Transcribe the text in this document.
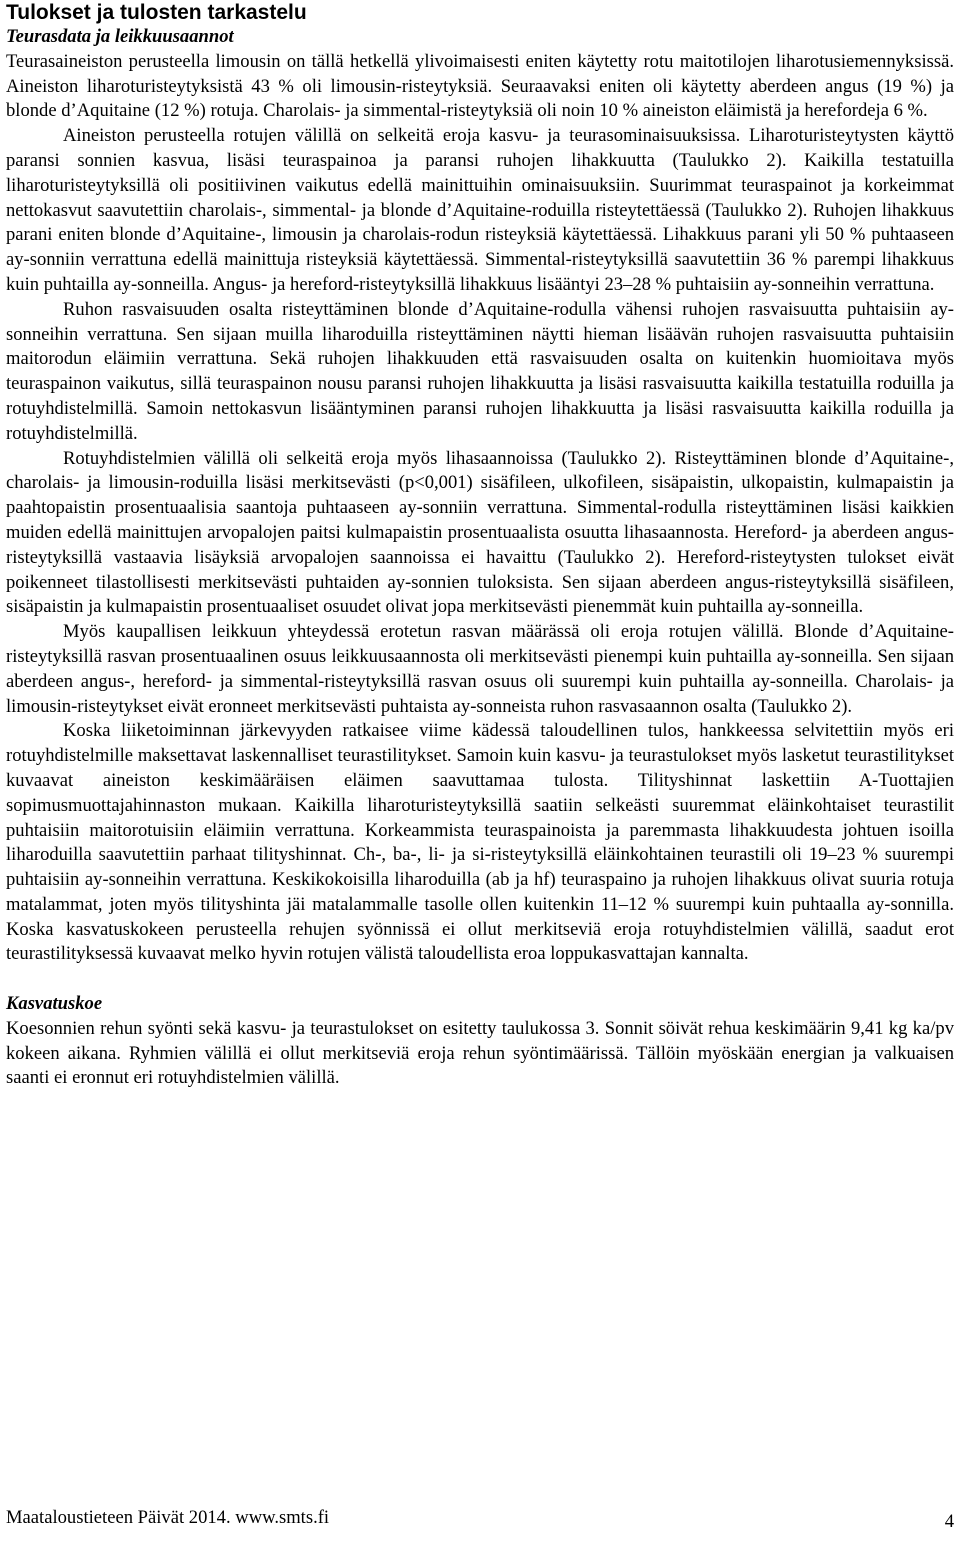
Tulokset ja tulosten tarkastelu
Teurasdata ja leikkuusaannot

Teurasaineiston perusteella limousin on tällä hetkellä ylivoimaisesti eniten käytetty rotu maitotilojen liharotusiemennyksissä. Aineiston liharoturisteytyksistä 43 % oli limousin-risteytyksiä. Seuraavaksi eniten oli käytetty aberdeen angus (19 %) ja blonde d’Aquitaine (12 %) rotuja. Charolais- ja simmental-risteytyksiä oli noin 10 % aineiston eläimistä ja herefordeja 6 %.

Aineiston perusteella rotujen välillä on selkeitä eroja kasvu- ja teurasominaisuuksissa. Liharoturisteytysten käyttö paransi sonnien kasvua, lisäsi teuraspainoa ja paransi ruhojen lihakkuutta (Taulukko 2). Kaikilla testatuilla liharoturisteytyksillä oli positiivinen vaikutus edellä mainittuihin ominaisuuksiin. Suurimmat teuraspainot ja korkeimmat nettokasvut saavutettiin charolais-, simmental- ja blonde d’Aquitaine-roduilla risteytettäessä (Taulukko 2). Ruhojen lihakkuus parani eniten blonde d’Aquitaine-, limousin ja charolais-rodun risteyksiä käytettäessä. Lihakkuus parani yli 50 % puhtaaseen ay-sonniin verrattuna edellä mainittuja risteyksiä käytettäessä. Simmental-risteytyksillä saavutettiin 36 % parempi lihakkuus kuin puhtailla ay-sonneilla. Angus- ja hereford-risteytyksillä lihakkuus lisääntyi 23–28 % puhtaisiin ay-sonneihin verrattuna.

Ruhon rasvaisuuden osalta risteyttäminen blonde d’Aquitaine-rodulla vähensi ruhojen rasvaisuutta puhtaisiin ay-sonneihin verrattuna. Sen sijaan muilla liharoduilla risteyttäminen näytti hieman lisäävän ruhojen rasvaisuutta puhtaisiin maitorodun eläimiin verrattuna. Sekä ruhojen lihakkuuden että rasvaisuuden osalta on kuitenkin huomioitava myös teuraspainon vaikutus, sillä teuraspainon nousu paransi ruhojen lihakkuutta ja lisäsi rasvaisuutta kaikilla testatuilla roduilla ja rotuyhdistelmillä. Samoin nettokasvun lisääntyminen paransi ruhojen lihakkuutta ja lisäsi rasvaisuutta kaikilla roduilla ja rotuyhdistelmillä.

Rotuyhdistelmien välillä oli selkeitä eroja myös lihasaannoissa (Taulukko 2). Risteyttäminen blonde d’Aquitaine-, charolais- ja limousin-roduilla lisäsi merkitsevästi (p<0,001) sisäfileen, ulkofileen, sisäpaistin, ulkopaistin, kulmapaistin ja paahtopaistin prosentuaalisia saantoja puhtaaseen ay-sonniin verrattuna. Simmental-rodulla risteyttäminen lisäsi kaikkien muiden edellä mainittujen arvopalojen paitsi kulmapaistin prosentuaalista osuutta lihasaannosta. Hereford- ja aberdeen angus-risteytyksillä vastaavia lisäyksiä arvopalojen saannoissa ei havaittu (Taulukko 2). Hereford-risteytysten tulokset eivät poikenneet tilastollisesti merkitsevästi puhtaiden ay-sonnien tuloksista. Sen sijaan aberdeen angus-risteytyksillä sisäfileen, sisäpaistin ja kulmapaistin prosentuaaliset osuudet olivat jopa merkitsevästi pienemmät kuin puhtailla ay-sonneilla.

Myös kaupallisen leikkuun yhteydessä erotetun rasvan määrässä oli eroja rotujen välillä. Blonde d’Aquitaine-risteytyksillä rasvan prosentuaalinen osuus leikkuusaannosta oli merkitsevästi pienempi kuin puhtailla ay-sonneilla. Sen sijaan aberdeen angus-, hereford- ja simmental-risteytyksillä rasvan osuus oli suurempi kuin puhtailla ay-sonneilla. Charolais- ja limousin-risteytykset eivät eronneet merkitsevästi puhtaista ay-sonneista ruhon rasvasaannon osalta (Taulukko 2).

Koska liiketoiminnan järkevyyden ratkaisee viime kädessä taloudellinen tulos, hankkeessa selvitettiin myös eri rotuyhdistelmille maksettavat laskennalliset teurastilitykset. Samoin kuin kasvu- ja teurastulokset myös lasketut teurastilitykset kuvaavat aineiston keskimääräisen eläimen saavuttamaa tulosta. Tilityshinnat laskettiin A-Tuottajien sopimusmuottajahinnaston mukaan. Kaikilla liharoturisteytyksillä saatiin selkeästi suuremmat eläinkohtaiset teurastilit puhtaisiin maitorotuisiin eläimiin verrattuna. Korkeammista teuraspainoista ja paremmasta lihakkuudesta johtuen isoilla liharoduilla saavutettiin parhaat tilityshinnat. Ch-, ba-, li- ja si-risteytyksillä eläinkohtainen teurastili oli 19–23 % suurempi puhtaisiin ay-sonneihin verrattuna. Keskikokoisilla liharoduilla (ab ja hf) teuraspaino ja ruhojen lihakkuus olivat suuria rotuja matalammat, joten myös tilityshinta jäi matalammalle tasolle ollen kuitenkin 11–12 % suurempi kuin puhtaalla ay-sonnilla. Koska kasvatuskokeen perusteella rehujen syönnissä ei ollut merkitseviä eroja rotuyhdistelmien välillä, saadut erot teurastilityksessä kuvaavat melko hyvin rotujen välistä taloudellista eroa loppukasvattajan kannalta.

Kasvatuskoe

Koesonnien rehun syönti sekä kasvu- ja teurastulokset on esitetty taulukossa 3. Sonnit söivät rehua keskimäärin 9,41 kg ka/pv kokeen aikana. Ryhmien välillä ei ollut merkitseviä eroja rehun syöntimäärissä. Tällöin myöskään energian ja valkuaisen saanti ei eronnut eri rotuyhdistelmien välillä.

Maataloustieteen Päivät 2014. www.smts.fi	4
